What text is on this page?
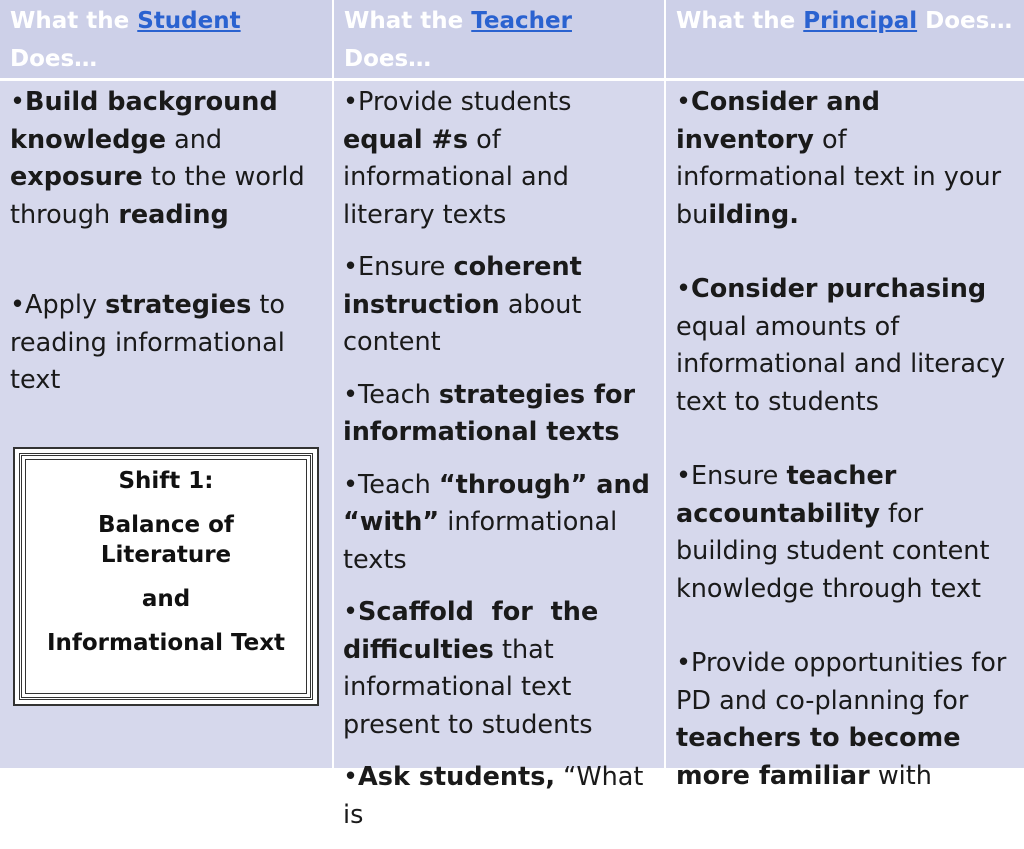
What the Student
Does…
What the Teacher
Does…
What the Principal Does…

•Build background knowledge and exposure to the world through reading

•Apply strategies to reading informational text

Shift 1:
Balance of Literature
and
Informational Text

•Provide students equal #s of informational and literary texts

•Ensure coherent instruction about content

•Teach strategies for informational texts

•Teach “through” and “with” informational texts

•Scaffold  for  the difficulties that informational text present to students

•Ask students, “What is

•Consider and inventory of informational text in your building.

•Consider purchasing equal amounts of informational and literacy text to students

•Ensure teacher accountability for building student content knowledge through text

•Provide opportunities for PD and co-planning for teachers to become more familiar with
